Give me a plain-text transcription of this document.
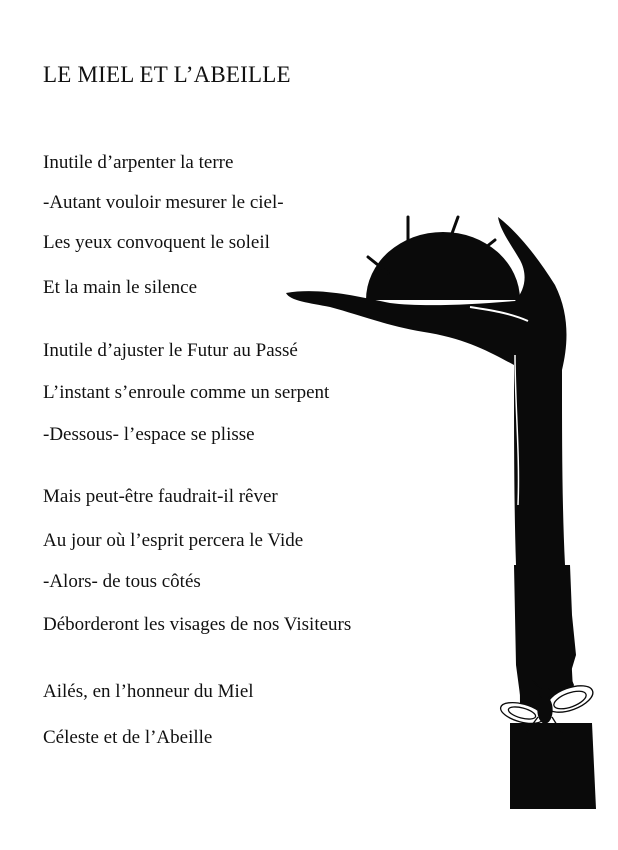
LE MIEL ET L’ABEILLE
Inutile d’arpenter la terre
-Autant vouloir mesurer le ciel-
Les yeux convoquent le soleil
Et la main le silence
Inutile d’ajuster le Futur au Passé
L’instant s’enroule comme un serpent
-Dessous- l’espace se plisse
Mais peut-être faudrait-il rêver
Au jour où l’esprit percera le Vide
-Alors- de tous côtés
Déborderont les visages de nos Visiteurs
Ailés, en l’honneur du Miel
Céleste et de l’Abeille
